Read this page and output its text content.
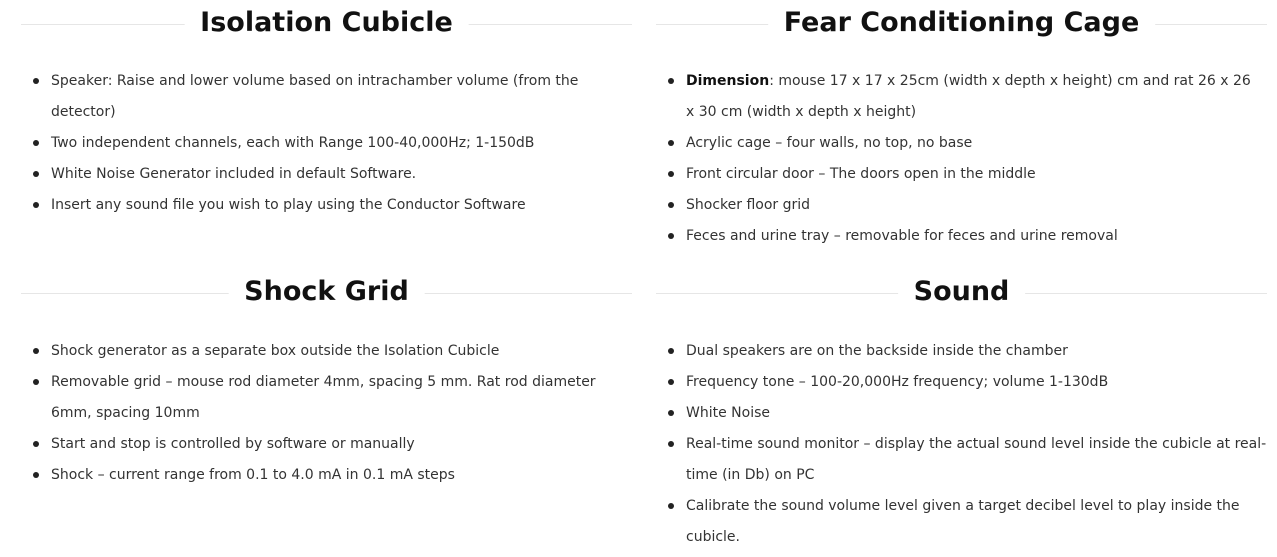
Isolation Cubicle
Speaker: Raise and lower volume based on intrachamber volume (from the detector)
Two independent channels, each with Range 100-40,000Hz; 1-150dB
White Noise Generator included in default Software.
Insert any sound file you wish to play using the Conductor Software
Fear Conditioning Cage
Dimension: mouse 17 x 17 x 25cm (width x depth x height) cm and rat 26 x 26 x 30 cm (width x depth x height)
Acrylic cage – four walls, no top, no base
Front circular door – The doors open in the middle
Shocker floor grid
Feces and urine tray – removable for feces and urine removal
Shock Grid
Shock generator as a separate box outside the Isolation Cubicle
Removable grid – mouse rod diameter 4mm, spacing 5 mm. Rat rod diameter 6mm, spacing 10mm
Start and stop is controlled by software or manually
Shock – current range from 0.1 to 4.0 mA in 0.1 mA steps
Sound
Dual speakers are on the backside inside the chamber
Frequency tone – 100-20,000Hz frequency; volume 1-130dB
White Noise
Real-time sound monitor – display the actual sound level inside the cubicle at real-time (in Db) on PC
Calibrate the sound volume level given a target decibel level to play inside the cubicle.
